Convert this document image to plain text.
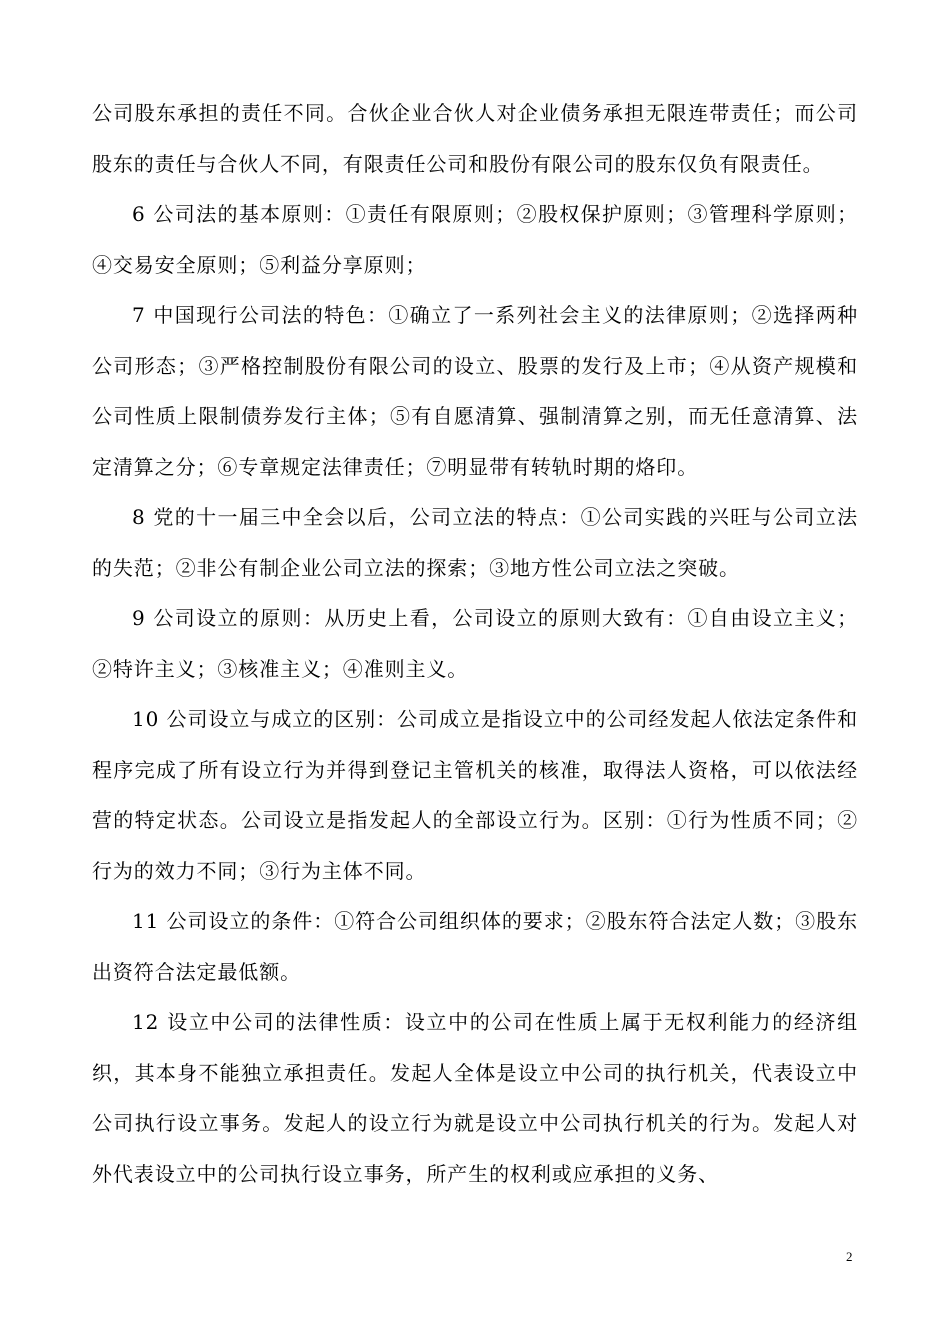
公司股东承担的责任不同。合伙企业合伙人对企业债务承担无限连带责任；而公司股东的责任与合伙人不同，有限责任公司和股份有限公司的股东仅负有限责任。

6 公司法的基本原则：①责任有限原则；②股权保护原则；③管理科学原则；④交易安全原则；⑤利益分享原则；

7 中国现行公司法的特色：①确立了一系列社会主义的法律原则；②选择两种公司形态；③严格控制股份有限公司的设立、股票的发行及上市；④从资产规模和公司性质上限制债券发行主体；⑤有自愿清算、强制清算之别，而无任意清算、法定清算之分；⑥专章规定法律责任；⑦明显带有转轨时期的烙印。

8 党的十一届三中全会以后，公司立法的特点：①公司实践的兴旺与公司立法的失范；②非公有制企业公司立法的探索；③地方性公司立法之突破。

9 公司设立的原则：从历史上看，公司设立的原则大致有：①自由设立主义；②特许主义；③核准主义；④准则主义。

10 公司设立与成立的区别：公司成立是指设立中的公司经发起人依法定条件和程序完成了所有设立行为并得到登记主管机关的核准，取得法人资格，可以依法经营的特定状态。公司设立是指发起人的全部设立行为。区别：①行为性质不同；②行为的效力不同；③行为主体不同。

11 公司设立的条件：①符合公司组织体的要求；②股东符合法定人数；③股东出资符合法定最低额。

12 设立中公司的法律性质：设立中的公司在性质上属于无权利能力的经济组织，其本身不能独立承担责任。发起人全体是设立中公司的执行机关，代表设立中公司执行设立事务。发起人的设立行为就是设立中公司执行机关的行为。发起人对外代表设立中的公司执行设立事务，所产生的权利或应承担的义务、

2
